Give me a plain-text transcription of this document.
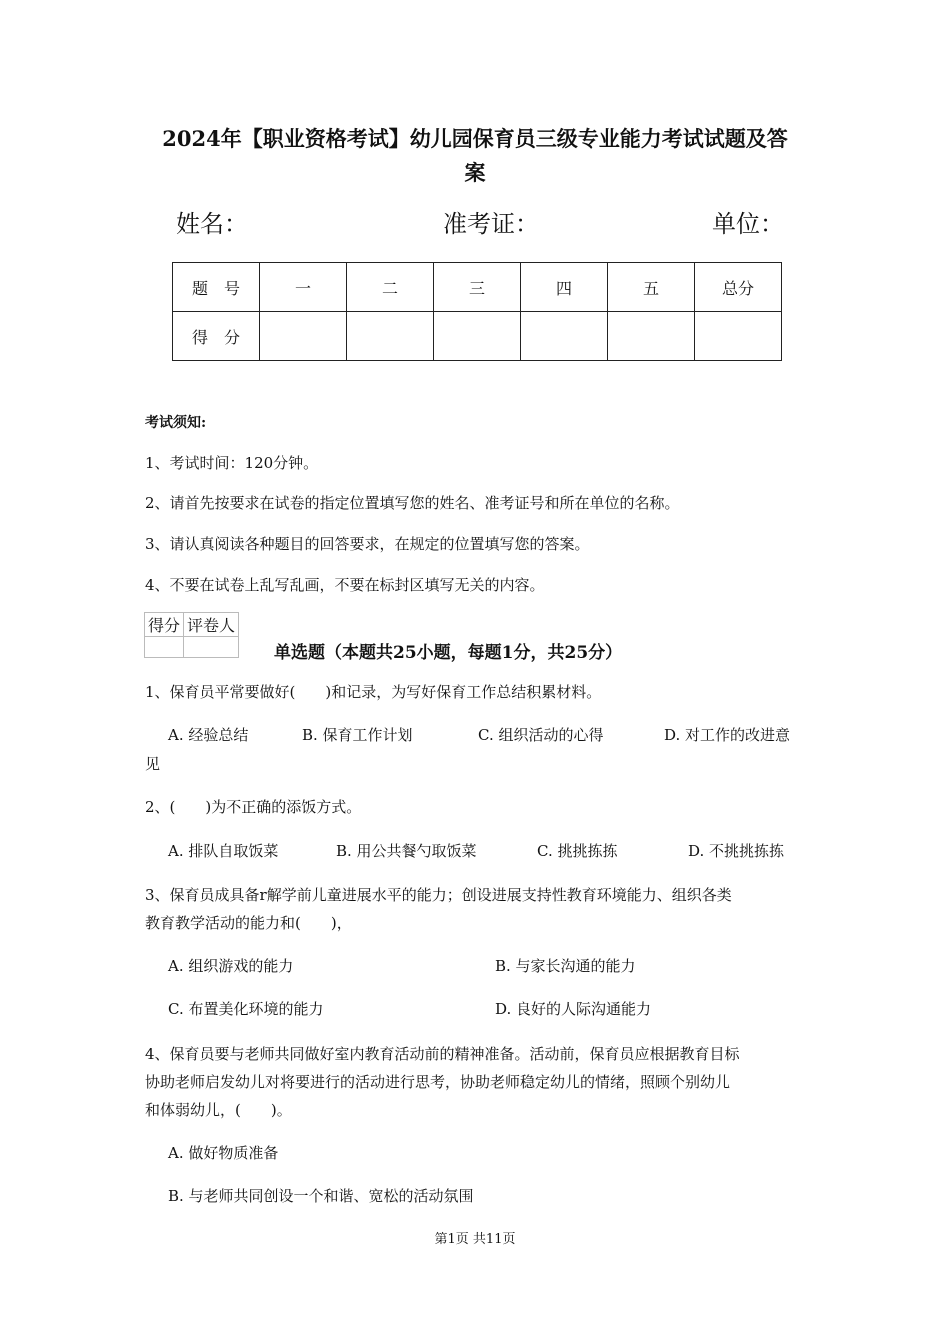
2024年【职业资格考试】幼儿园保育员三级专业能力考试试题及答
案
姓名：	准考证：	单位：
题　号	一	二	三	四	五	总分
得　分						
考试须知:
1、考试时间：120分钟。
2、请首先按要求在试卷的指定位置填写您的姓名、准考证号和所在单位的名称。
3、请认真阅读各种题目的回答要求，在规定的位置填写您的答案。
4、不要在试卷上乱写乱画，不要在标封区填写无关的内容。
得分	评卷人

单选题（本题共25小题，每题1分，共25分）
1、保育员平常要做好(　　)和记录，为写好保育工作总结积累材料。
A. 经验总结	B. 保育工作计划	C. 组织活动的心得	D. 对工作的改进意
见
2、(　　)为不正确的添饭方式。
A. 排队自取饭菜	B. 用公共餐勺取饭菜	C. 挑挑拣拣	D. 不挑挑拣拣
3、保育员成具备r解学前儿童进展水平的能力；创设进展支持性教育环境能力、组织各类
教育教学活动的能力和(　　)，
A. 组织游戏的能力	B. 与家长沟通的能力
C. 布置美化环境的能力	D. 良好的人际沟通能力
4、保育员要与老师共同做好室内教育活动前的精神准备。活动前，保育员应根据教育目标
协助老师启发幼儿对将要进行的活动进行思考，协助老师稳定幼儿的情绪，照顾个别幼儿
和体弱幼儿，(　　)。
A. 做好物质准备
B. 与老师共同创设一个和谐、宽松的活动氛围
第1页 共11页
